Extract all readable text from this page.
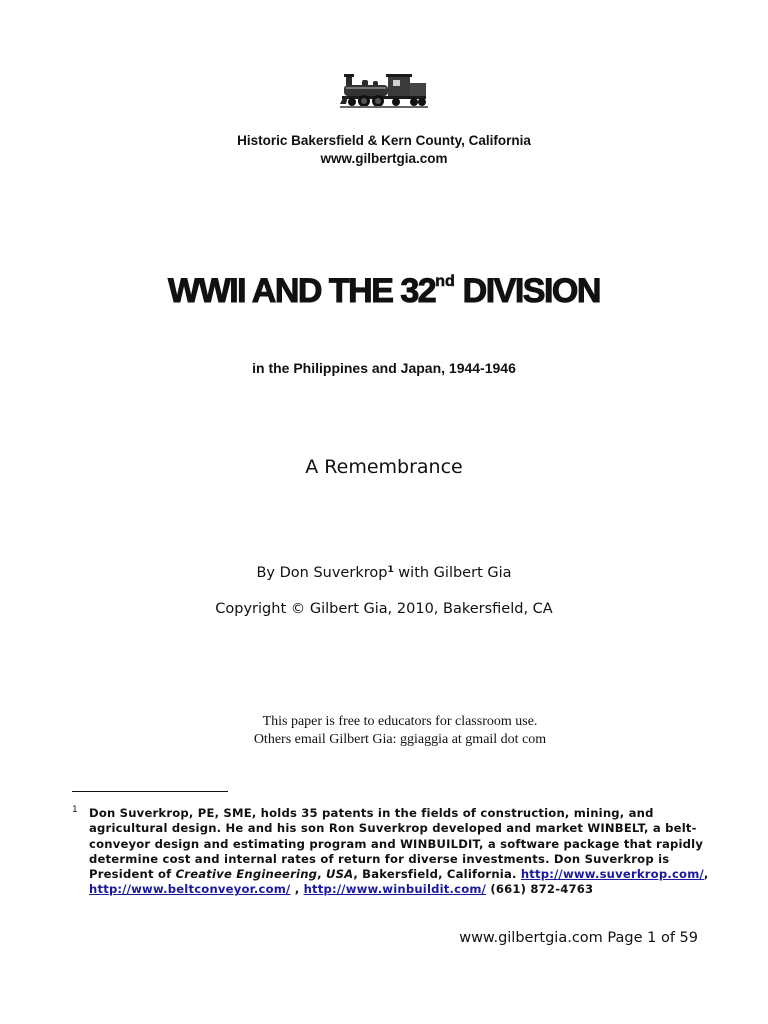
Historic Bakersfield & Kern County, California
www.gilbertgia.com
WWII AND THE 32nd DIVISION
in the Philippines and Japan, 1944-1946
A Remembrance
By Don Suverkrop$^1$ with Gilbert Gia
Copyright © Gilbert Gia, 2010, Bakersfield, CA
This paper is free to educators for classroom use.
Others email Gilbert Gia: ggiaggia at gmail dot com
1 Don Suverkrop, PE, SME, holds 35 patents in the fields of construction, mining, and agricultural design. He and his son Ron Suverkrop developed and market WINBELT, a belt-conveyor design and estimating program and WINBUILDIT, a software package that rapidly determine cost and internal rates of return for diverse investments. Don Suverkrop is President of Creative Engineering, USA, Bakersfield, California. http://www.suverkrop.com/, http://www.beltconveyor.com/ , http://www.winbuildit.com/ (661) 872-4763
www.gilbertgia.com Page 1 of 59
